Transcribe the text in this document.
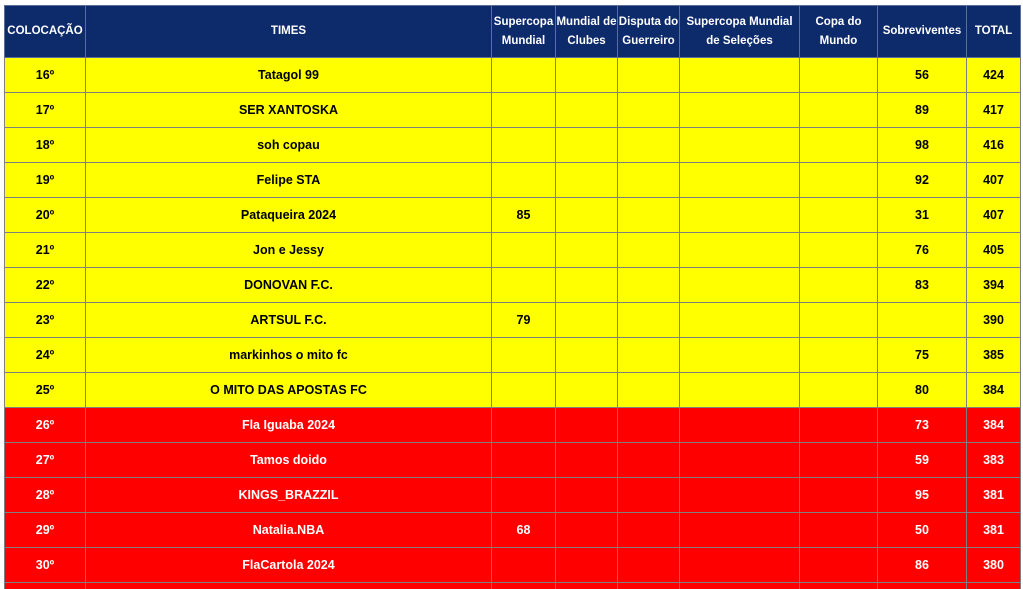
COLOCAÇÃO	TIMES	Supercopa Mundial	Mundial de Clubes	Disputa do Guerreiro	Supercopa Mundial de Seleções	Copa do Mundo	Sobreviventes	TOTAL
16º	Tatagol 99						56	424
17º	SER XANTOSKA						89	417
18º	soh copau						98	416
19º	Felipe STA						92	407
20º	Pataqueira 2024	85					31	407
21º	Jon e Jessy						76	405
22º	DONOVAN F.C.						83	394
23º	ARTSUL F.C.	79						390
24º	markinhos o mito fc						75	385
25º	O MITO DAS APOSTAS FC						80	384
26º	Fla Iguaba 2024						73	384
27º	Tamos doido						59	383
28º	KINGS_BRAZZIL						95	381
29º	Natalia.NBA	68					50	381
30º	FlaCartola 2024						86	380
